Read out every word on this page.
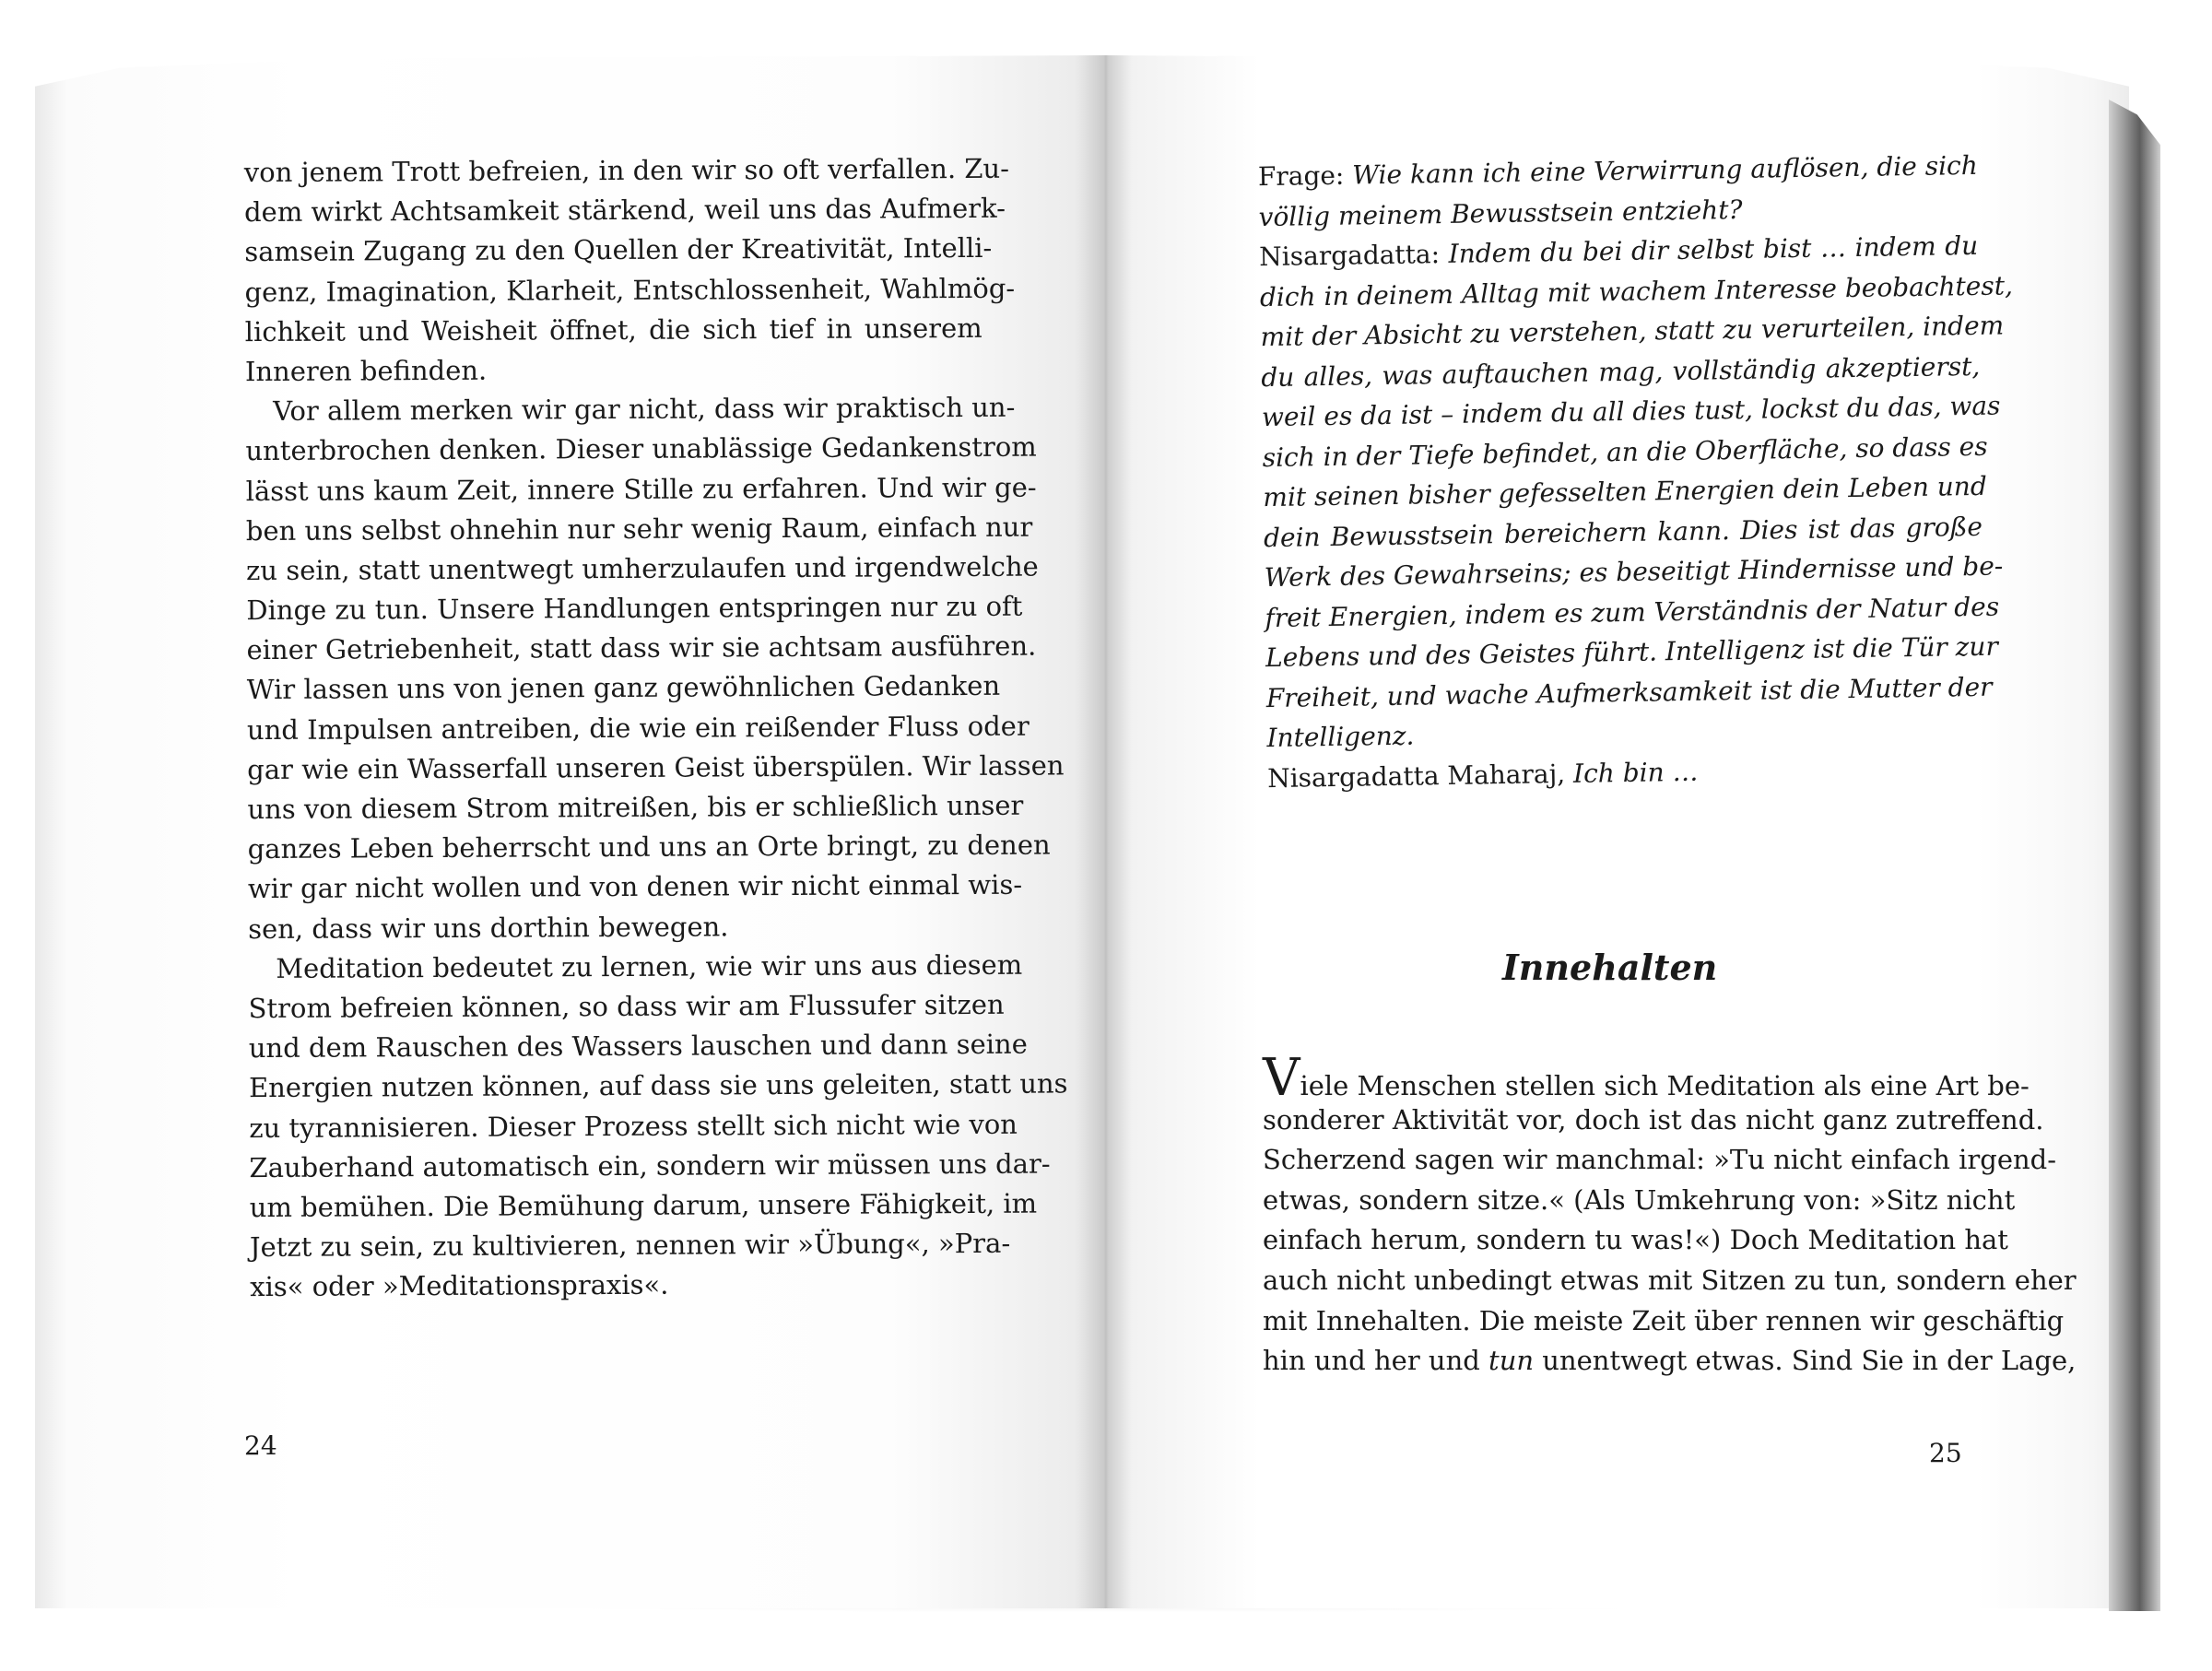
von jenem Trott befreien, in den wir so oft verfallen. Zu-
dem wirkt Achtsamkeit stärkend, weil uns das Aufmerk-
samsein Zugang zu den Quellen der Kreativität, Intelli-
genz, Imagination, Klarheit, Entschlossenheit, Wahlmög-
lichkeit und Weisheit öffnet, die sich tief in unserem
Inneren befinden.
Vor allem merken wir gar nicht, dass wir praktisch un-
unterbrochen denken. Dieser unablässige Gedankenstrom
lässt uns kaum Zeit, innere Stille zu erfahren. Und wir ge-
ben uns selbst ohnehin nur sehr wenig Raum, einfach nur
zu sein, statt unentwegt umherzulaufen und irgendwelche
Dinge zu tun. Unsere Handlungen entspringen nur zu oft
einer Getriebenheit, statt dass wir sie achtsam ausführen.
Wir lassen uns von jenen ganz gewöhnlichen Gedanken
und Impulsen antreiben, die wie ein reißender Fluss oder
gar wie ein Wasserfall unseren Geist überspülen. Wir lassen
uns von diesem Strom mitreißen, bis er schließlich unser
ganzes Leben beherrscht und uns an Orte bringt, zu denen
wir gar nicht wollen und von denen wir nicht einmal wis-
sen, dass wir uns dorthin bewegen.
Meditation bedeutet zu lernen, wie wir uns aus diesem
Strom befreien können, so dass wir am Flussufer sitzen
und dem Rauschen des Wassers lauschen und dann seine
Energien nutzen können, auf dass sie uns geleiten, statt uns
zu tyrannisieren. Dieser Prozess stellt sich nicht wie von
Zauberhand automatisch ein, sondern wir müssen uns dar-
um bemühen. Die Bemühung darum, unsere Fähigkeit, im
Jetzt zu sein, zu kultivieren, nennen wir »Übung«, »Pra-
xis« oder »Meditationspraxis«.
24
Frage: Wie kann ich eine Verwirrung auflösen, die sich
völlig meinem Bewusstsein entzieht?
Nisargadatta: Indem du bei dir selbst bist … indem du
dich in deinem Alltag mit wachem Interesse beobachtest,
mit der Absicht zu verstehen, statt zu verurteilen, indem
du alles, was auftauchen mag, vollständig akzeptierst,
weil es da ist – indem du all dies tust, lockst du das, was
sich in der Tiefe befindet, an die Oberfläche, so dass es
mit seinen bisher gefesselten Energien dein Leben und
dein Bewusstsein bereichern kann. Dies ist das große
Werk des Gewahrseins; es beseitigt Hindernisse und be-
freit Energien, indem es zum Verständnis der Natur des
Lebens und des Geistes führt. Intelligenz ist die Tür zur
Freiheit, und wache Aufmerksamkeit ist die Mutter der
Intelligenz.
Nisargadatta Maharaj, Ich bin …
Innehalten
Viele Menschen stellen sich Meditation als eine Art be-
sonderer Aktivität vor, doch ist das nicht ganz zutreffend.
Scherzend sagen wir manchmal: »Tu nicht einfach irgend-
etwas, sondern sitze.« (Als Umkehrung von: »Sitz nicht
einfach herum, sondern tu was!«) Doch Meditation hat
auch nicht unbedingt etwas mit Sitzen zu tun, sondern eher
mit Innehalten. Die meiste Zeit über rennen wir geschäftig
hin und her und tun unentwegt etwas. Sind Sie in der Lage,
25
